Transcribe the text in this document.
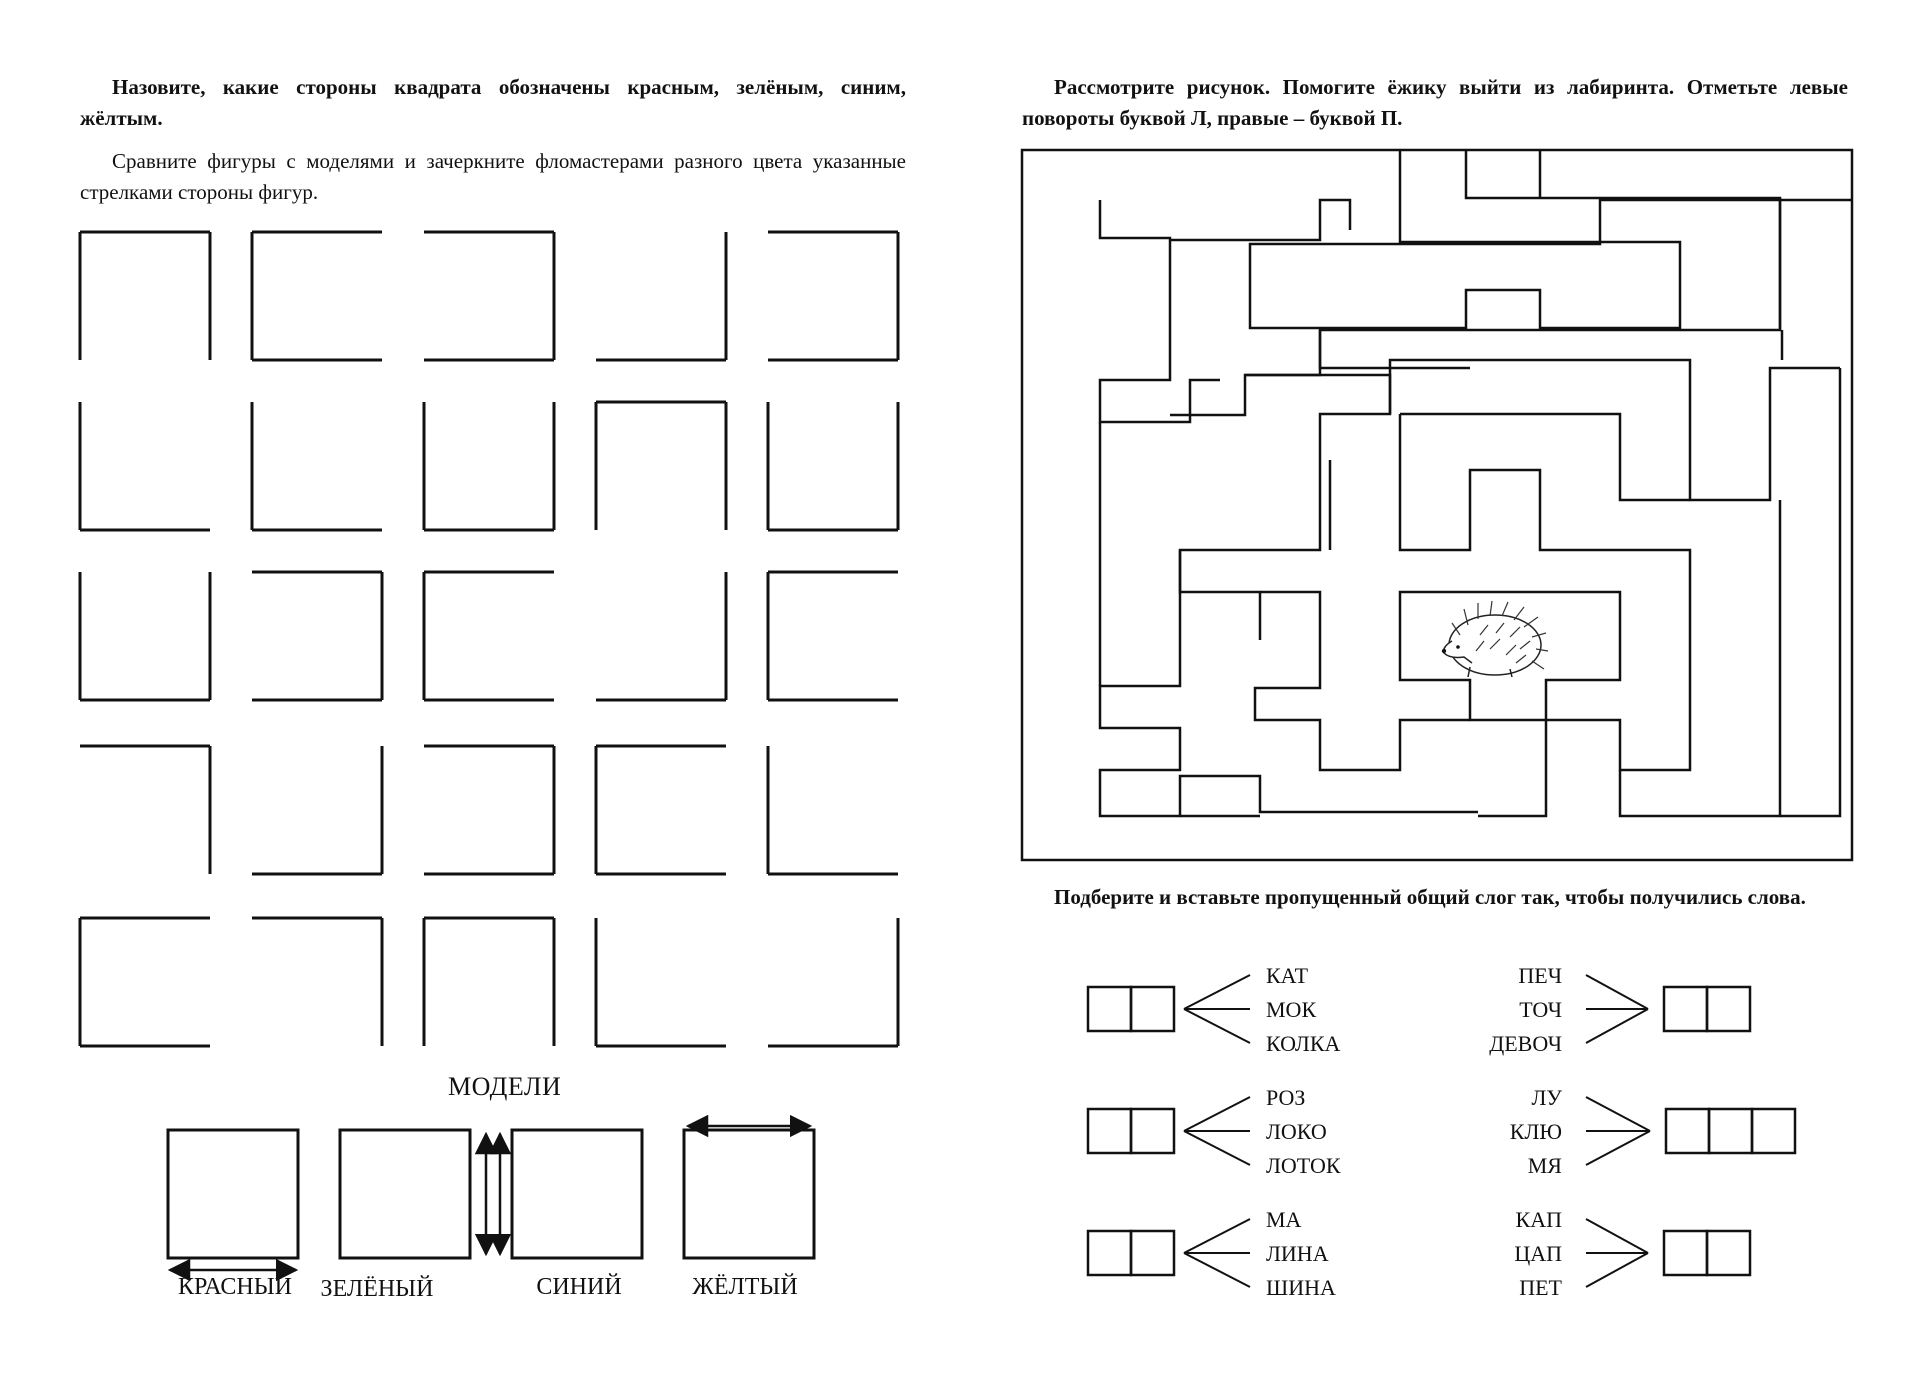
Назовите, какие стороны квадрата обозначены красным, зелёным, синим, жёлтым.
Сравните фигуры с моделями и зачеркните фломастерами разного цвета указанные стрелками стороны фигур.
Рассмотрите рисунок. Помогите ёжику выйти из лабиринта. Отметьте левые повороты буквой Л, правые – буквой П.
Подберите и вставьте пропущенный общий слог так, чтобы получились слова.
МОДЕЛИ
КАТ
МОК
КОЛКА
РОЗ
ЛОКО
ЛОТОК
МА
ЛИНА
ШИНА
ПЕЧ
ТОЧ
ДЕВОЧ
ЛУ
КЛЮ
МЯ
КАП
ЦАП
ПЕТ
КРАСНЫЙ	ЗЕЛЁНЫЙ	СИНИЙ	ЖЁЛТЫЙ
